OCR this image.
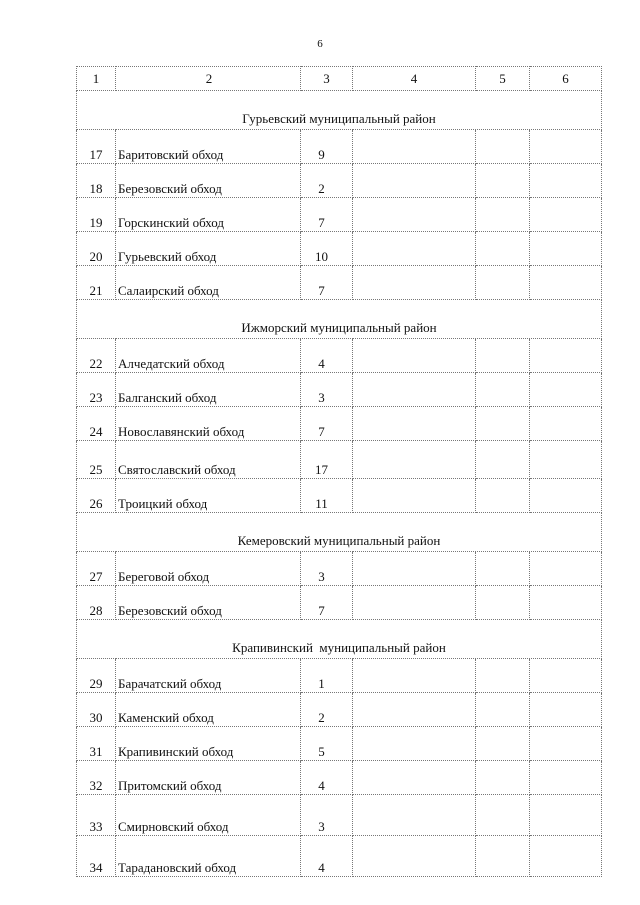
6
1	2	3	4	5	6
Гурьевский муниципальный район					
17	Баритовский обход	9			
18	Березовский обход	2			
19	Горскинский обход	7			
20	Гурьевский обход	10			
21	Салаирский обход	7			
Ижморский муниципальный район					
22	Алчедатский обход	4			
23	Балганский обход	3			
24	Новославянский обход	7			
25	Святославский обход	17			
26	Троицкий обход	11			
Кемеровский муниципальный район					
27	Береговой обход	3			
28	Березовский обход	7			
Крапивинский  муниципальный район					
29	Барачатский обход	1			
30	Каменский обход	2			
31	Крапивинский обход	5			
32	Притомский обход	4			
33	Смирновский обход	3			
34	Тарадановский обход	4			
